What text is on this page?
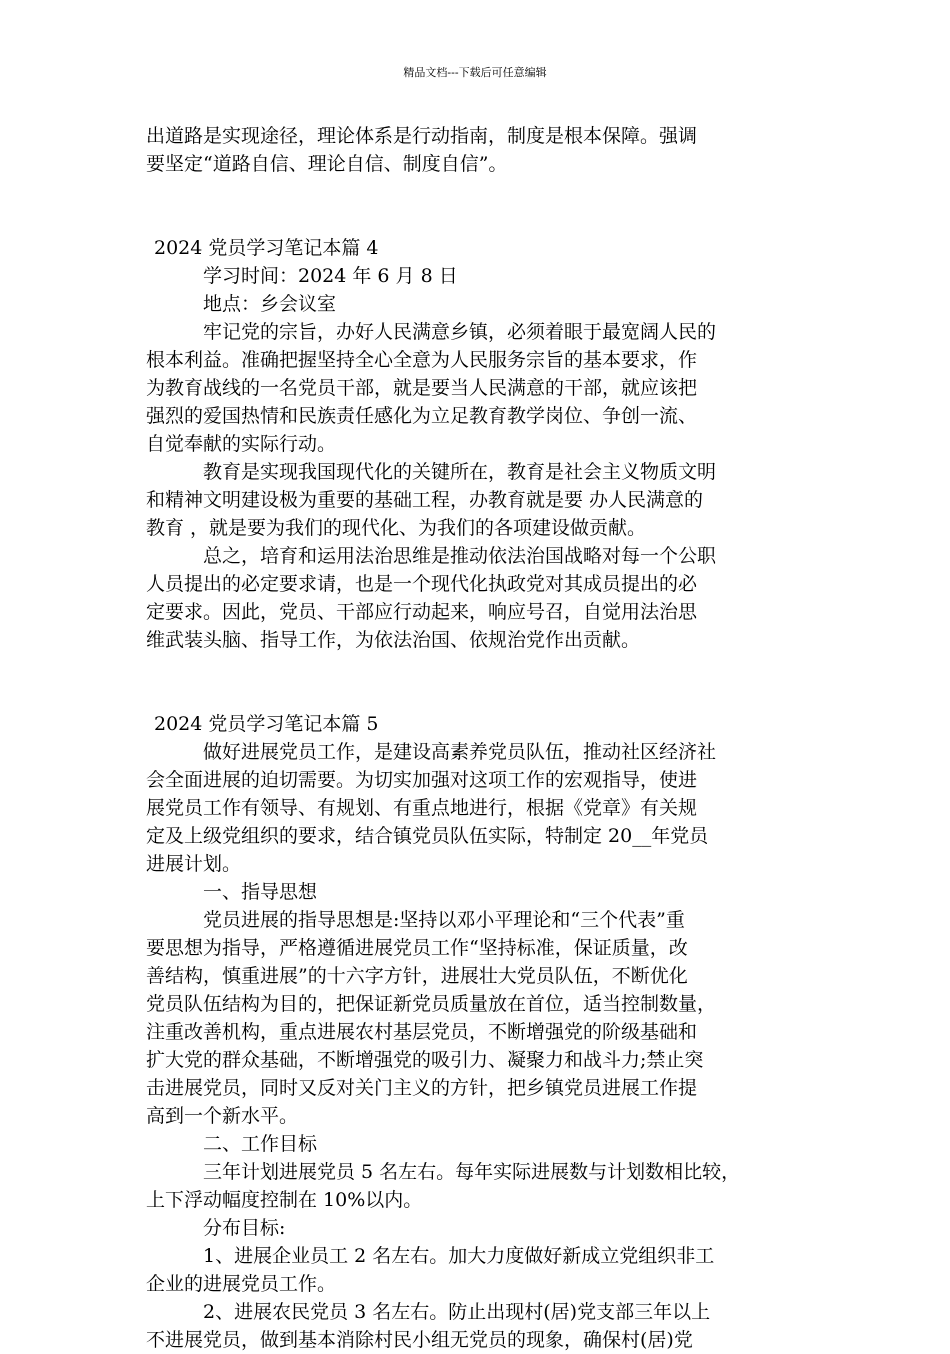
精品文档---下载后可任意编辑
出道路是实现途径，理论体系是行动指南，制度是根本保障。强调
要坚定“道路自信、理论自信、制度自信”。
2024 党员学习笔记本篇 4
学习时间：2024 年 6 月 8 日
地点：乡会议室
牢记党的宗旨，办好人民满意乡镇，必须着眼于最宽阔人民的
根本利益。准确把握坚持全心全意为人民服务宗旨的基本要求，作
为教育战线的一名党员干部，就是要当人民满意的干部，就应该把
强烈的爱国热情和民族责任感化为立足教育教学岗位、争创一流、
自觉奉献的实际行动。
教育是实现我国现代化的关键所在，教育是社会主义物质文明
和精神文明建设极为重要的基础工程，办教育就是要 办人民满意的
教育 ，就是要为我们的现代化、为我们的各项建设做贡献。
总之，培育和运用法治思维是推动依法治国战略对每一个公职
人员提出的必定要求请，也是一个现代化执政党对其成员提出的必
定要求。因此，党员、干部应行动起来，响应号召，自觉用法治思
维武装头脑、指导工作，为依法治国、依规治党作出贡献。
2024 党员学习笔记本篇 5
做好进展党员工作，是建设高素养党员队伍，推动社区经济社
会全面进展的迫切需要。为切实加强对这项工作的宏观指导，使进
展党员工作有领导、有规划、有重点地进行，根据《党章》有关规
定及上级党组织的要求，结合镇党员队伍实际，特制定 20__年党员
进展计划。
一、指导思想
党员进展的指导思想是:坚持以邓小平理论和“三个代表”重
要思想为指导，严格遵循进展党员工作“坚持标准，保证质量，改
善结构，慎重进展”的十六字方针，进展壮大党员队伍，不断优化
党员队伍结构为目的，把保证新党员质量放在首位，适当控制数量，
注重改善机构，重点进展农村基层党员，不断增强党的阶级基础和
扩大党的群众基础，不断增强党的吸引力、凝聚力和战斗力;禁止突
击进展党员，同时又反对关门主义的方针，把乡镇党员进展工作提
高到一个新水平。
二、工作目标
三年计划进展党员 5 名左右。每年实际进展数与计划数相比较，
上下浮动幅度控制在 10%以内。
分布目标:
1、进展企业员工 2 名左右。加大力度做好新成立党组织非工
企业的进展党员工作。
2、进展农民党员 3 名左右。防止出现村(居)党支部三年以上
不进展党员，做到基本消除村民小组无党员的现象，确保村(居)党
